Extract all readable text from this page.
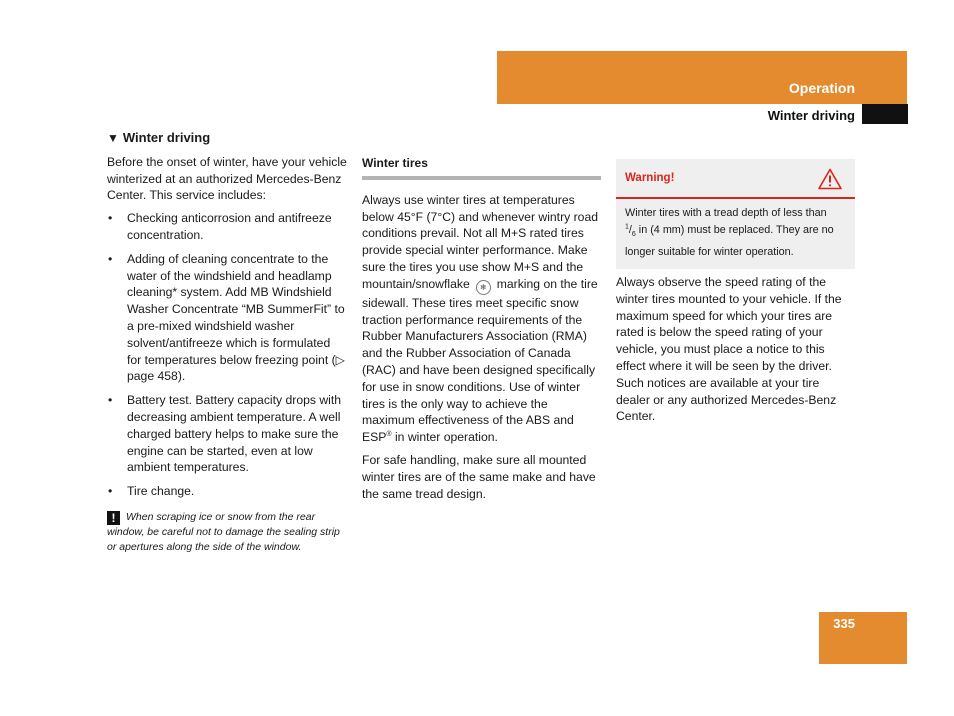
Operation
Winter driving
▼ Winter driving

Before the onset of winter, have your vehicle winterized at an authorized Mercedes-Benz Center. This service includes:

• Checking anticorrosion and antifreeze concentration.
• Adding of cleaning concentrate to the water of the windshield and headlamp cleaning* system. Add MB Windshield Washer Concentrate “MB SummerFit” to a pre-mixed windshield washer solvent/antifreeze which is formulated for temperatures below freezing point (▷ page 458).
• Battery test. Battery capacity drops with decreasing ambient temperature. A well charged battery helps to make sure the engine can be started, even at low ambient temperatures.
• Tire change.
! When scraping ice or snow from the rear window, be careful not to damage the sealing strip or apertures along the side of the window.
Winter tires

Always use winter tires at temperatures below 45°F (7°C) and whenever wintry road conditions prevail. Not all M+S rated tires provide special winter performance. Make sure the tires you use show M+S and the mountain/snowflake ❄ marking on the tire sidewall. These tires meet specific snow traction performance requirements of the Rubber Manufacturers Association (RMA) and the Rubber Association of Canada (RAC) and have been designed specifically for use in snow conditions. Use of winter tires is the only way to achieve the maximum effectiveness of the ABS and ESP® in winter operation.

For safe handling, make sure all mounted winter tires are of the same make and have the same tread design.

Warning!
Winter tires with a tread depth of less than
$^1/_6$ in (4 mm) must be replaced. They are no longer suitable for winter operation.

Always observe the speed rating of the winter tires mounted to your vehicle. If the maximum speed for which your tires are rated is below the speed rating of your vehicle, you must place a notice to this effect where it will be seen by the driver. Such notices are available at your tire dealer or any authorized Mercedes-Benz Center.

335
